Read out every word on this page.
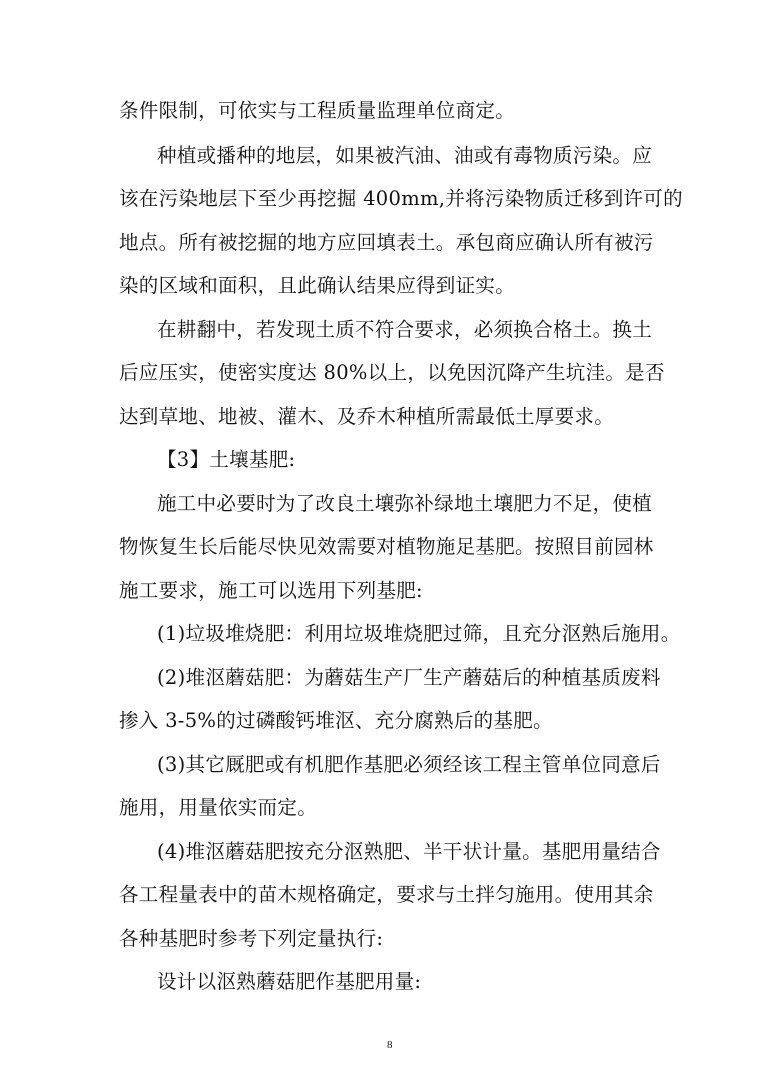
条件限制，可依实与工程质量监理单位商定。
种植或播种的地层，如果被汽油、油或有毒物质污染。应
该在污染地层下至少再挖掘 400mm,并将污染物质迁移到许可的
地点。所有被挖掘的地方应回填表土。承包商应确认所有被污
染的区域和面积，且此确认结果应得到证实。
在耕翻中，若发现土质不符合要求，必须换合格土。换土
后应压实，使密实度达 80%以上，以免因沉降产生坑洼。是否
达到草地、地被、灌木、及乔木种植所需最低土厚要求。
【3】土壤基肥:
施工中必要时为了改良土壤弥补绿地土壤肥力不足，使植
物恢复生长后能尽快见效需要对植物施足基肥。按照目前园林
施工要求，施工可以选用下列基肥:
(1)垃圾堆烧肥：利用垃圾堆烧肥过筛，且充分沤熟后施用。
(2)堆沤蘑菇肥：为蘑菇生产厂生产蘑菇后的种植基质废料
掺入 3-5%的过磷酸钙堆沤、充分腐熟后的基肥。
(3)其它厩肥或有机肥作基肥必须经该工程主管单位同意后
施用，用量依实而定。
(4)堆沤蘑菇肥按充分沤熟肥、半干状计量。基肥用量结合
各工程量表中的苗木规格确定，要求与土拌匀施用。使用其余
各种基肥时参考下列定量执行:
设计以沤熟蘑菇肥作基肥用量:
8
